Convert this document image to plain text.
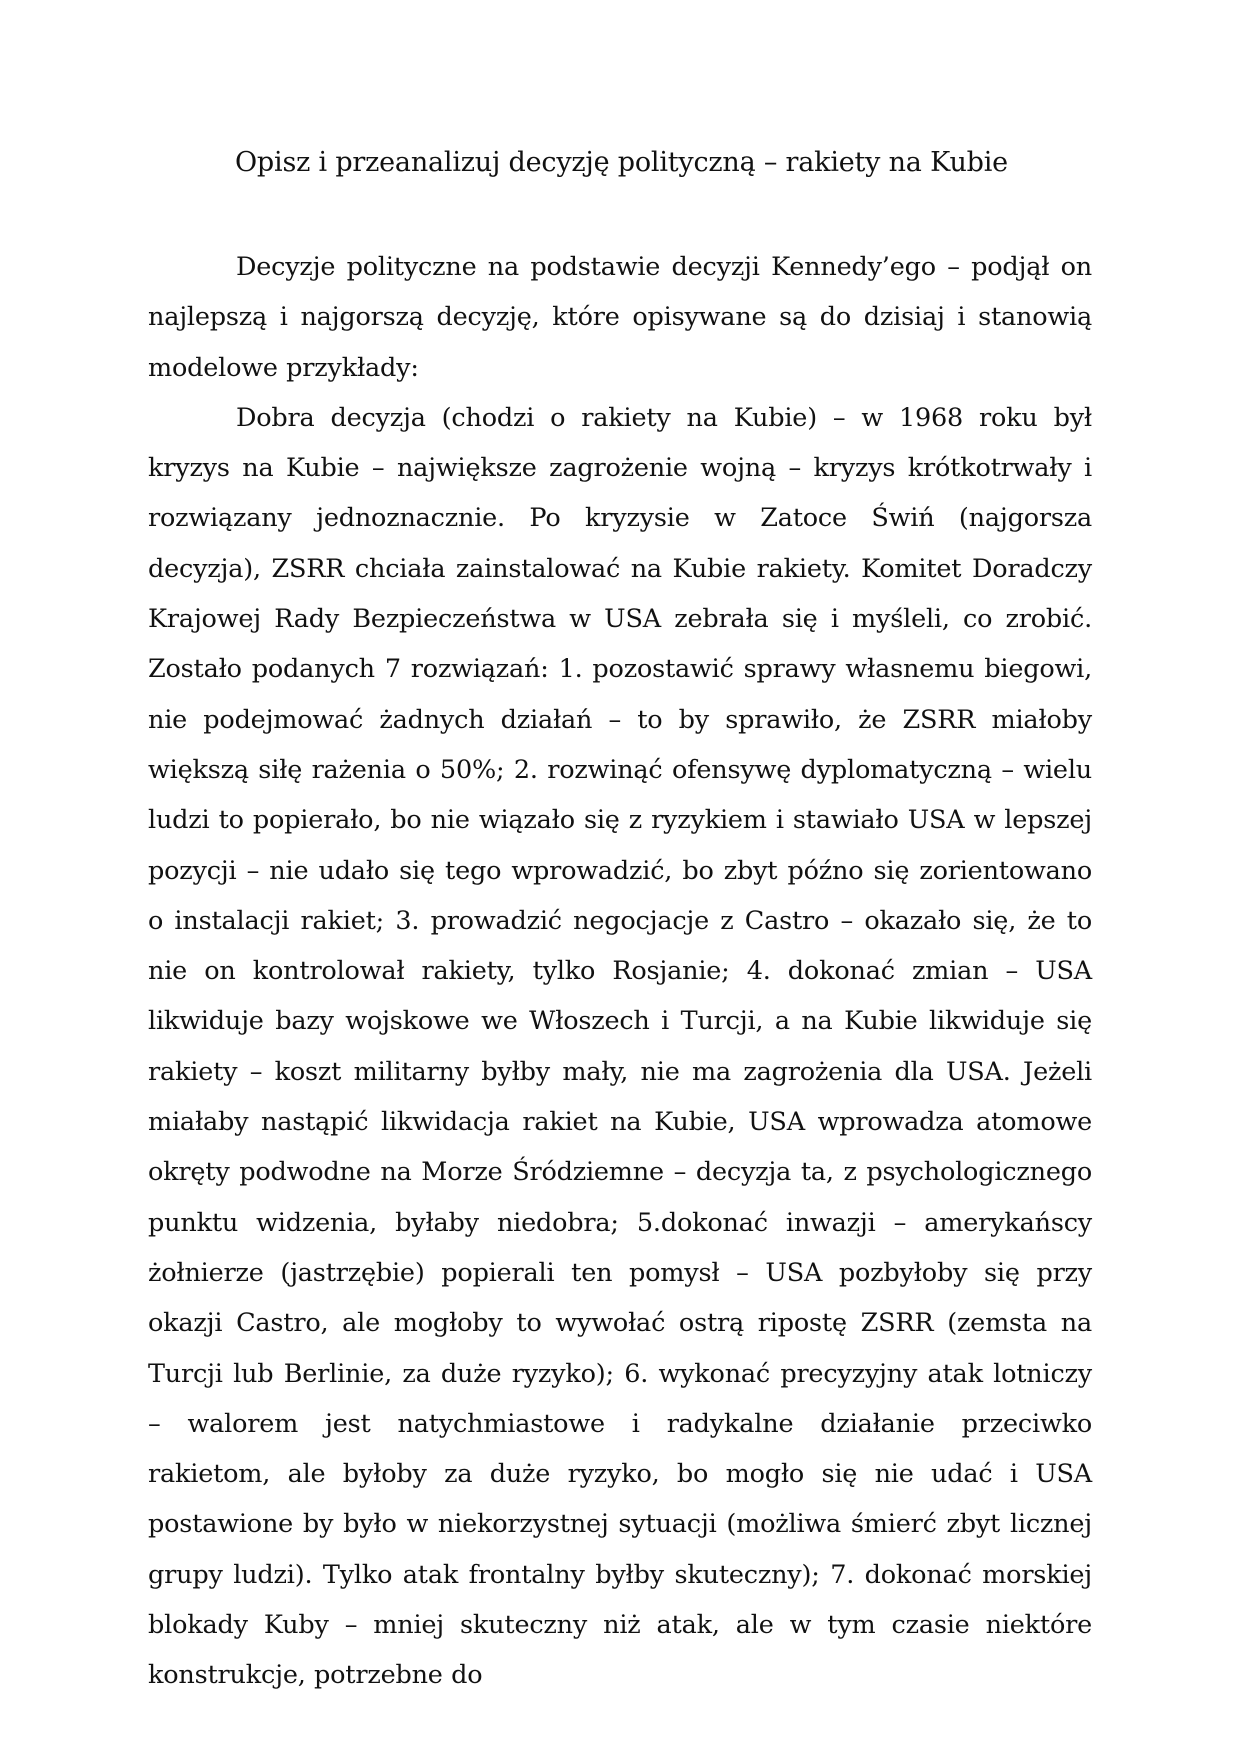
Opisz i przeanalizuj decyzję polityczną – rakiety na Kubie

Decyzje polityczne na podstawie decyzji Kennedy’ego – podjął on najlepszą i najgorszą decyzję, które opisywane są do dzisiaj i stanowią modelowe przykłady:

Dobra decyzja (chodzi o rakiety na Kubie) – w 1968 roku był kryzys na Kubie – największe zagrożenie wojną – kryzys krótkotrwały i rozwiązany jednoznacznie. Po kryzysie w Zatoce Świń (najgorsza decyzja), ZSRR chciała zainstalować na Kubie rakiety. Komitet Doradczy Krajowej Rady Bezpieczeństwa w USA zebrała się i myśleli, co zrobić. Zostało podanych 7 rozwiązań: 1. pozostawić sprawy własnemu biegowi, nie podejmować żadnych działań – to by sprawiło, że ZSRR miałoby większą siłę rażenia o 50%; 2. rozwinąć ofensywę dyplomatyczną – wielu ludzi to popierało, bo nie wiązało się z ryzykiem i stawiało USA w lepszej pozycji – nie udało się tego wprowadzić, bo zbyt późno się zorientowano o instalacji rakiet; 3. prowadzić negocjacje z Castro – okazało się, że to nie on kontrolował rakiety, tylko Rosjanie; 4. dokonać zmian – USA likwiduje bazy wojskowe we Włoszech i Turcji, a na Kubie likwiduje się rakiety – koszt militarny byłby mały, nie ma zagrożenia dla USA. Jeżeli miałaby nastąpić likwidacja rakiet na Kubie, USA wprowadza atomowe okręty podwodne na Morze Śródziemne – decyzja ta, z psychologicznego punktu widzenia, byłaby niedobra; 5.dokonać inwazji – amerykańscy żołnierze (jastrzębie) popierali ten pomysł – USA pozbyłoby się przy okazji Castro, ale mogłoby to wywołać ostrą ripostę ZSRR (zemsta na Turcji lub Berlinie, za duże ryzyko); 6. wykonać precyzyjny atak lotniczy – walorem jest natychmiastowe i radykalne działanie przeciwko rakietom, ale byłoby za duże ryzyko, bo mogło się nie udać i USA postawione by było w niekorzystnej sytuacji (możliwa śmierć zbyt licznej grupy ludzi). Tylko atak frontalny byłby skuteczny); 7. dokonać morskiej blokady Kuby – mniej skuteczny niż atak, ale w tym czasie niektóre konstrukcje, potrzebne do
